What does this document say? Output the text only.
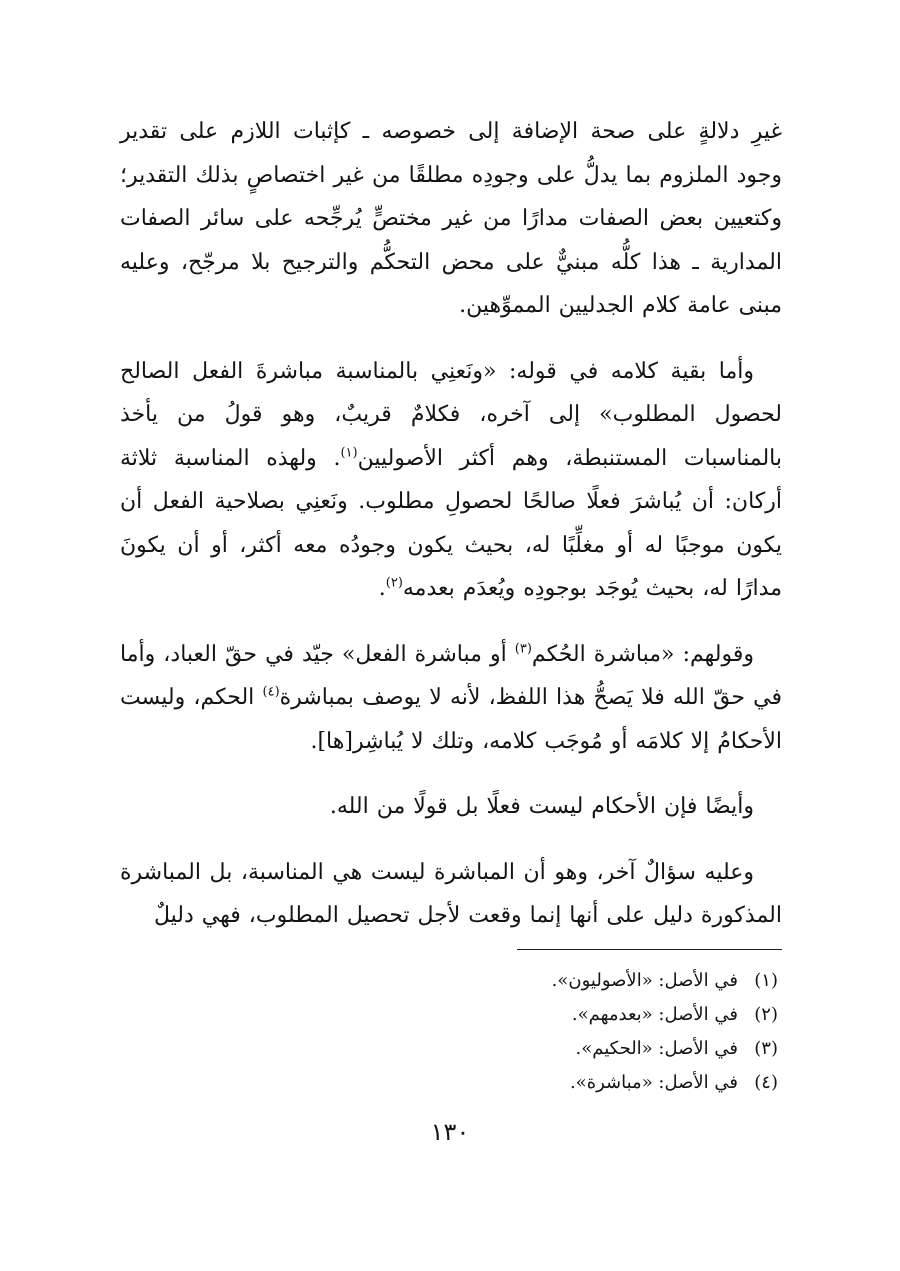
غيرِ دلالةٍ على صحة الإضافة إلى خصوصه ـ كإثبات اللازم على تقدير وجود الملزوم بما يدلُّ على وجودِه مطلقًا من غير اختصاصٍ بذلك التقدير؛ وكتعيين بعض الصفات مدارًا من غير مختصٍّ يُرجِّحه على سائر الصفات المدارية ـ هذا كلُّه مبنيٌّ على محض التحكُّم والترجيح بلا مرجّح، وعليه مبنى عامة كلام الجدليين المموِّهين.

وأما بقية كلامه في قوله: «ونَعنِي بالمناسبة مباشرةَ الفعل الصالح لحصول المطلوب» إلى آخره، فكلامٌ قريبٌ، وهو قولُ من يأخذ بالمناسبات المستنبطة، وهم أكثر الأصوليين$^{(١)}$. ولهذه المناسبة ثلاثة أركان: أن يُباشرَ فعلًا صالحًا لحصولِ مطلوب. ونَعنِي بصلاحية الفعل أن يكون موجبًا له أو مغلِّبًا له، بحيث يكون وجودُه معه أكثر، أو أن يكونَ مدارًا له، بحيث يُوجَد بوجودِه ويُعدَم بعدمه$^{(٢)}$.

وقولهم: «مباشرة الحُكم$^{(٣)}$ أو مباشرة الفعل» جيّد في حقّ العباد، وأما في حقّ الله فلا يَصحُّ هذا اللفظ، لأنه لا يوصف بمباشرة$^{(٤)}$ الحكم، وليست الأحكامُ إلا كلامَه أو مُوجَب كلامه، وتلك لا يُباشِر[ها].

وأيضًا فإن الأحكام ليست فعلًا بل قولًا من الله.

وعليه سؤالٌ آخر، وهو أن المباشرة ليست هي المناسبة، بل المباشرة المذكورة دليل على أنها إنما وقعت لأجل تحصيل المطلوب، فهي دليلٌ

(١)
في الأصل: «الأصوليون».
(٢)
في الأصل: «بعدمهم».
(٣)
في الأصل: «الحكيم».
(٤)
في الأصل: «مباشرة».
١٣٠
